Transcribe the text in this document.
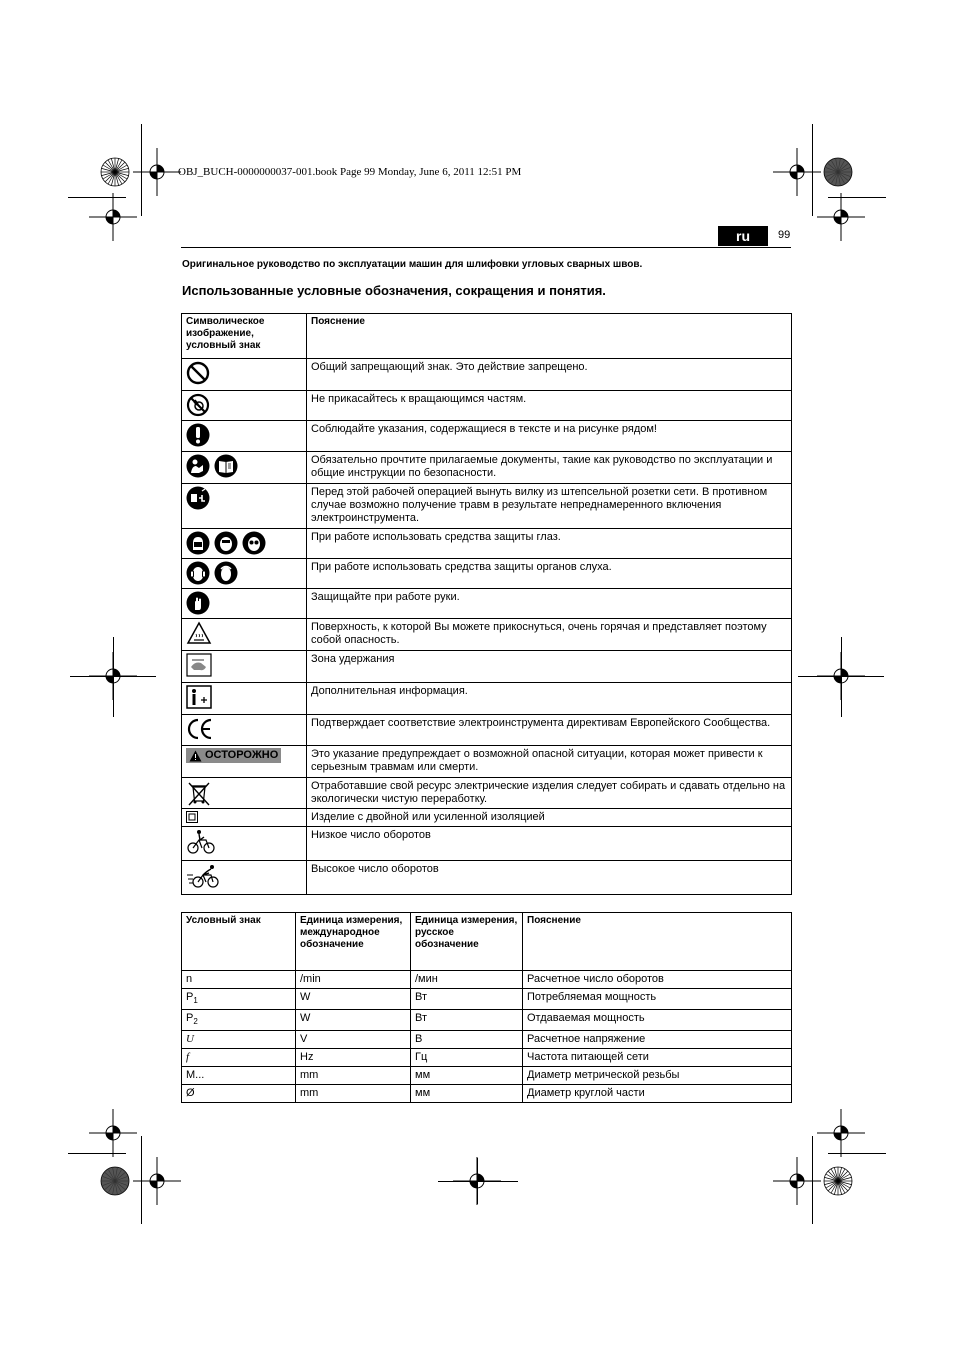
OBJ_BUCH-0000000037-001.book Page 99 Monday, June 6, 2011 12:51 PM
ru	99
Оригинальное руководство по эксплуатации машин для шлифовки угловых сварных швов.
Использованные условные обозначения, сокращения и понятия.
Символическое изображение, условный знак	Пояснение

	Общий запрещающий знак. Это действие запрещено.

	Не прикасайтесь к вращающимся частям.

	Соблюдайте указания, содержащиеся в тексте и на рисунке рядом!

	Обязательно прочтите прилагаемые документы, такие как руководство по эксплуатации и общие инструкции по безопасности.

	Перед этой рабочей операцией вынуть вилку из штепсельной розетки сети. В противном случае возможно получение травм в результате непреднамеренного включения электроинструмента.

	При работе использовать средства защиты глаз.

	При работе использовать средства защиты органов слуха.

	Защищайте при работе руки.

	Поверхность, к которой Вы можете прикоснуться, очень горячая и представляет поэтому собой опасность.

	Зона удержания

	Дополнительная информация.

	Подтверждает соответствие электроинструмента директивам Европейского Сообщества.

ОСТОРОЖНО	Это указание предупреждает о возможной опасной ситуации, которая может привести к серьезным травмам или смерти.

	Отработавшие свой ресурс электрические изделия следует собирать и сдавать отдельно на экологически чистую переработку.

	Изделие с двойной или усиленной изоляцией

	Низкое число оборотов

	Высокое число оборотов
Условный знак	Единица измерения, международное обозначение	Единица измерения, русское обозначение	Пояснение
n	/min	/мин	Расчетное число оборотов
$P_1$	W	Вт	Потребляемая мощность
$P_2$	W	Вт	Отдаваемая мощность
U	V	В	Расчетное напряжение
f	Hz	Гц	Частота питающей сети
M...	mm	мм	Диаметр метрической резьбы
Ø	mm	мм	Диаметр круглой части
